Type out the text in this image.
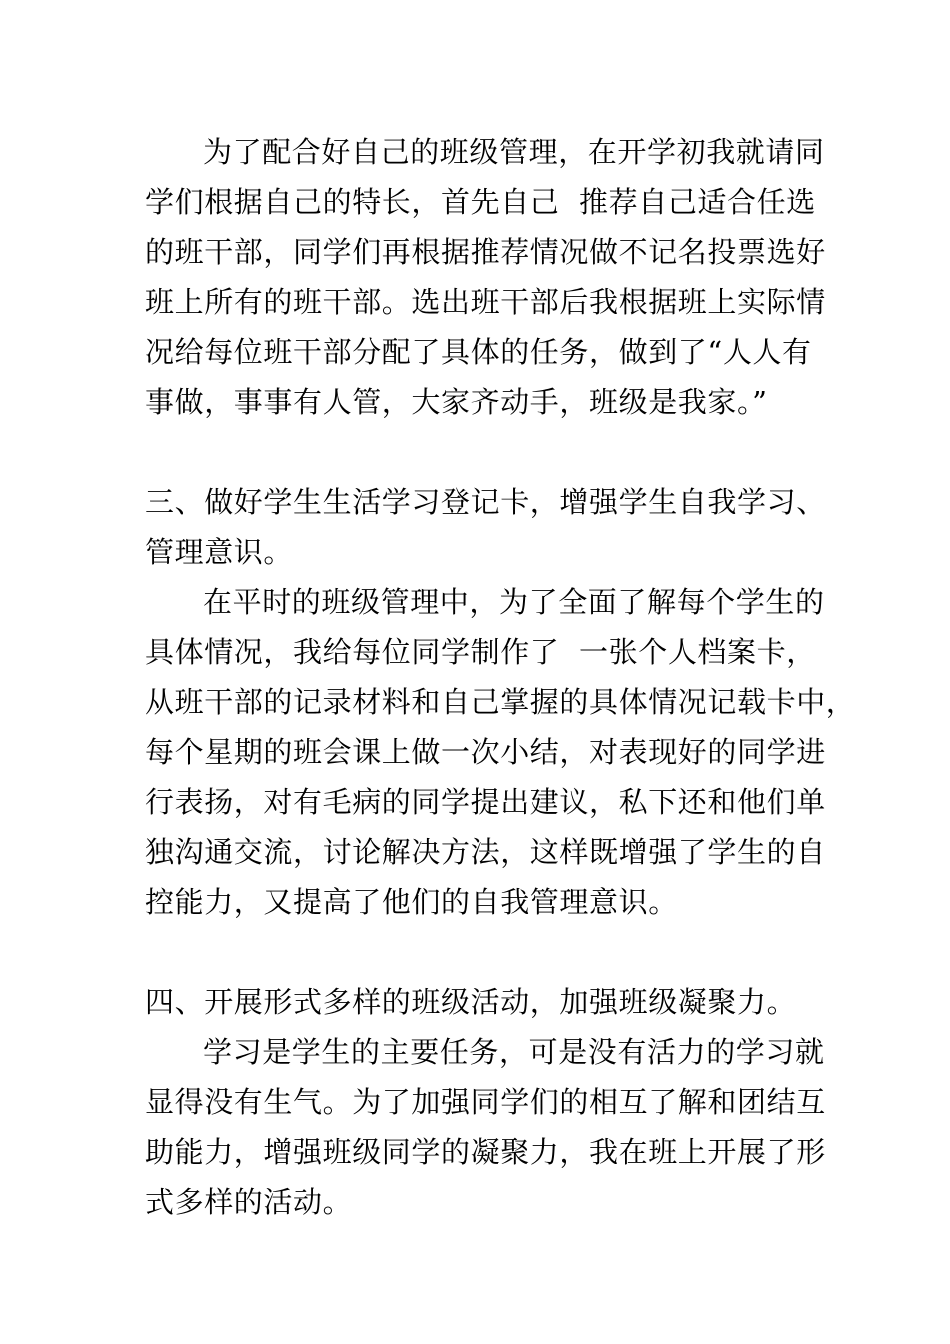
为了配合好自己的班级管理，在开学初我就请同
学们根据自己的特长，首先自己  推荐自己适合任选
的班干部，同学们再根据推荐情况做不记名投票选好
班上所有的班干部。选出班干部后我根据班上实际情
况给每位班干部分配了具体的任务，做到了“人人有
事做，事事有人管，大家齐动手，班级是我家。”
三、做好学生生活学习登记卡，增强学生自我学习、
管理意识。
在平时的班级管理中，为了全面了解每个学生的
具体情况，我给每位同学制作了  一张个人档案卡，
从班干部的记录材料和自己掌握的具体情况记载卡中，
每个星期的班会课上做一次小结，对表现好的同学进
行表扬，对有毛病的同学提出建议，私下还和他们单
独沟通交流，讨论解决方法，这样既增强了学生的自
控能力，又提高了他们的自我管理意识。
四、开展形式多样的班级活动，加强班级凝聚力。
学习是学生的主要任务，可是没有活力的学习就
显得没有生气。为了加强同学们的相互了解和团结互
助能力，增强班级同学的凝聚力，我在班上开展了形
式多样的活动。
